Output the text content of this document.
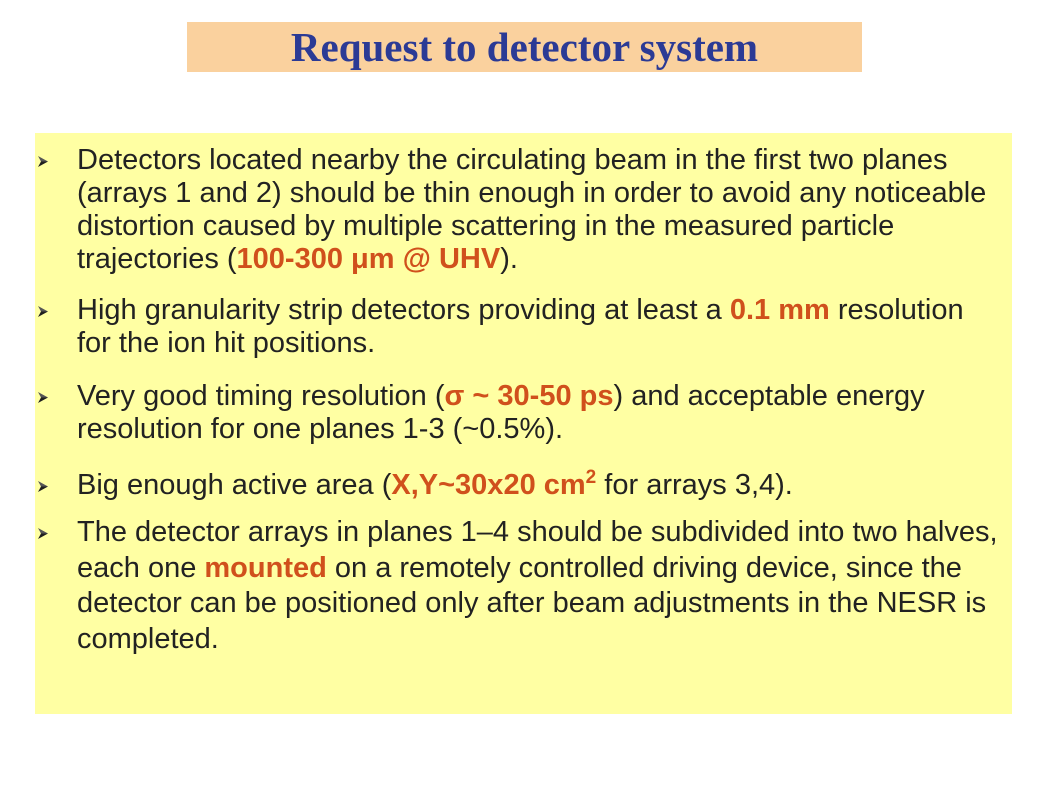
Request to detector system
Detectors located nearby the circulating beam in the first two planes
(arrays 1 and 2) should be thin enough in order to avoid any noticeable
distortion caused by multiple scattering in the measured particle
trajectories (100-300 μm @ UHV).
High granularity strip detectors providing at least a 0.1 mm resolution
for the ion hit positions.
Very good timing resolution (σ ~ 30-50 ps) and acceptable energy
resolution for one planes 1-3 (~0.5%).
Big enough active area (X,Y~30x20 $cm^2$ for arrays 3,4).
The detector arrays in planes 1–4 should be subdivided into two halves,
each one mounted on a remotely controlled driving device, since the
detector can be positioned only after beam adjustments in the NESR is
completed.
